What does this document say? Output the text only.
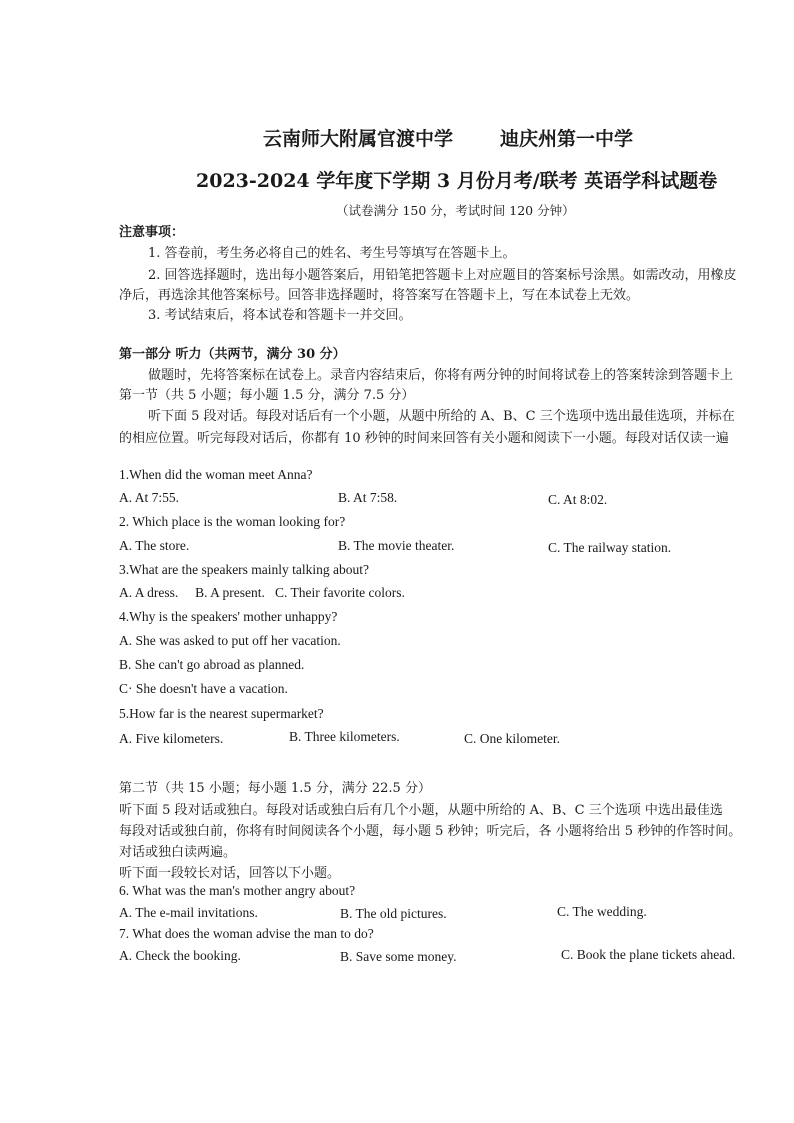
云南师大附属官渡中学 迪庆州第一中学
2023-2024 学年度下学期 3 月份月考/联考 英语学科试题卷
（试卷满分 150 分，考试时间 120 分钟）
注意事项：
1. 答卷前，考生务必将自己的姓名、考生号等填写在答题卡上。
2. 回答选择题时，选出每小题答案后，用铅笔把答题卡上对应题目的答案标号涂黑。如需改动，用橡皮
净后，再选涂其他答案标号。回答非选择题时，将答案写在答题卡上，写在本试卷上无效。
3. 考试结束后，将本试卷和答题卡一并交回。
第一部分 听力（共两节，满分 30 分）
做题时，先将答案标在试卷上。录音内容结束后，你将有两分钟的时间将试卷上的答案转涂到答题卡上
第一节（共 5 小题；每小题 1.5 分，满分 7.5 分）
听下面 5 段对话。每段对话后有一个小题，从题中所给的 A、B、C 三个选项中选出最佳选项，并标在
的相应位置。听完每段对话后，你都有 10 秒钟的时间来回答有关小题和阅读下一小题。每段对话仅读一遍
1.When did the woman meet Anna?
A. At 7:55.	B. At 7:58.	C. At 8:02.
2. Which place is the woman looking for?
A. The store.	B. The movie theater.	C. The railway station.
3.What are the speakers mainly talking about?
A. A dress.     B. A present.   C. Their favorite colors.
4.Why is the speakers' mother unhappy?
A. She was asked to put off her vacation.
B. She can't go abroad as planned.
C· She doesn't have a vacation.
5.How far is the nearest supermarket?
A. Five kilometers.	B. Three kilometers.	C. One kilometer.
第二节（共 15 小题；每小题 1.5 分，满分 22.5 分）
听下面 5 段对话或独白。每段对话或独白后有几个小题，从题中所给的 A、B、C 三个选项 中选出最佳选
每段对话或独白前，你将有时间阅读各个小题，每小题 5 秒钟；听完后，各 小题将给出 5 秒钟的作答时间。
对话或独白读两遍。
听下面一段较长对话，回答以下小题。
6. What was the man's mother angry about?
A. The e-mail invitations.	B. The old pictures.	C. The wedding.
7. What does the woman advise the man to do?
A. Check the booking.	B. Save some money.	C. Book the plane tickets ahead.
